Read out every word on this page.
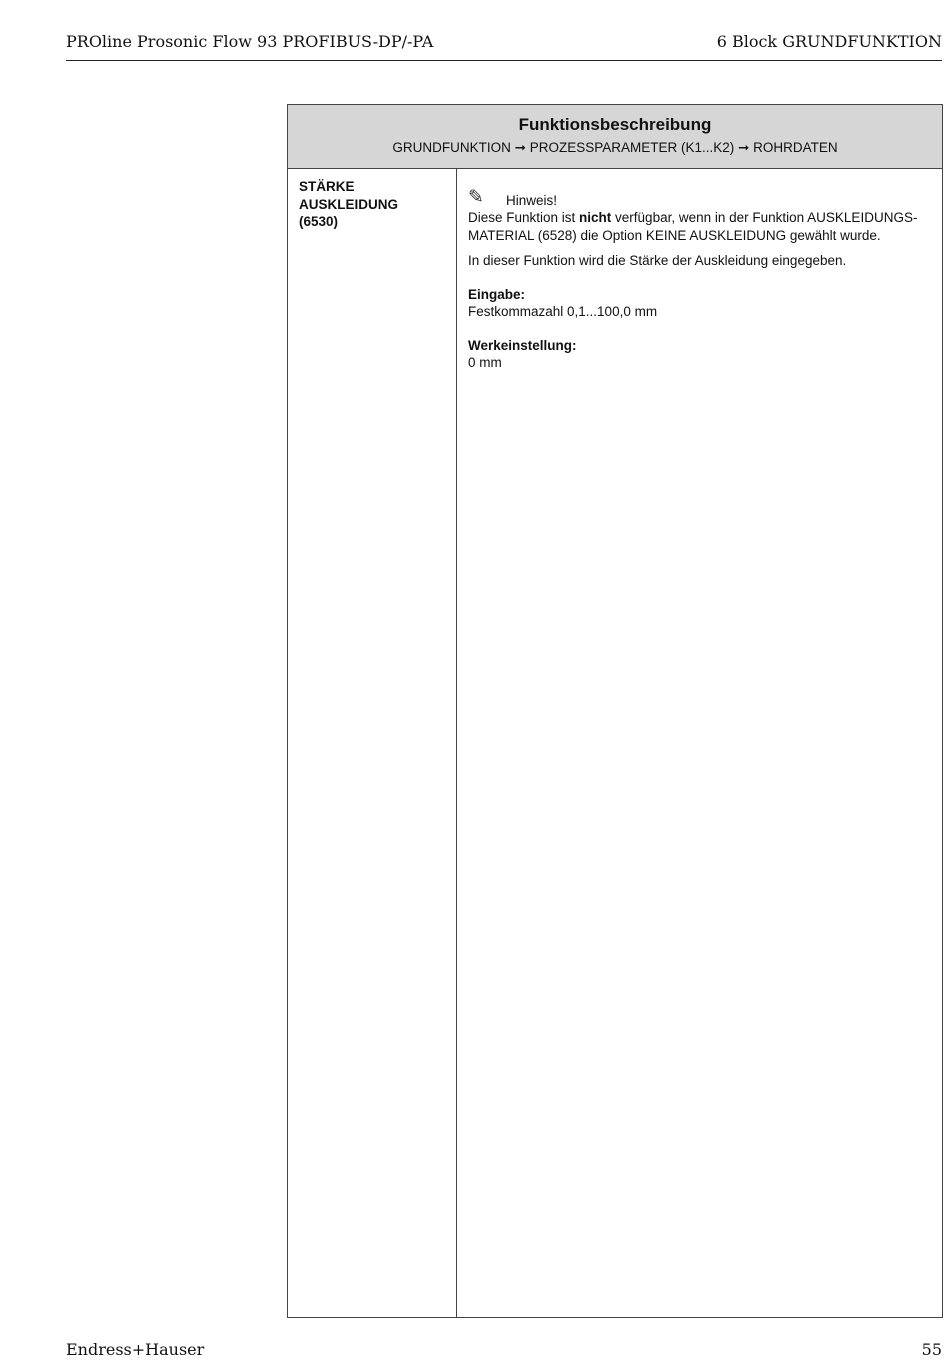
PROline Prosonic Flow 93 PROFIBUS-DP/-PA	6 Block GRUNDFUNKTION
Funktionsbeschreibung
GRUNDFUNKTION ➞ PROZESSPARAMETER (K1...K2) ➞ ROHRDATEN
STÄRKE
AUSKLEIDUNG
(6530)
✎ Hinweis!

Diese Funktion ist nicht verfügbar, wenn in der Funktion AUSKLEIDUNGS-MATERIAL (6528) die Option KEINE AUSKLEIDUNG gewählt wurde.

In dieser Funktion wird die Stärke der Auskleidung eingegeben.

Eingabe:

Festkommazahl 0,1...100,0 mm

Werkeinstellung:

0 mm

Endress+Hauser	55
